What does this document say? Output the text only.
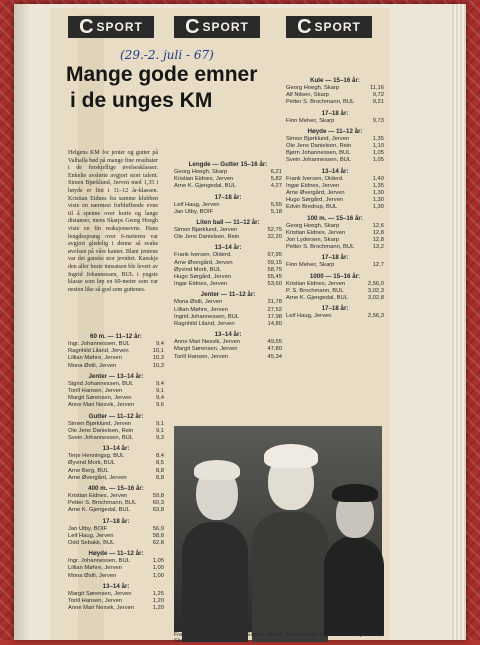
C SPORT C SPORT C SPORT
(29.-2. juli - 67)
Mange gode emner
i de unges KM
Helgens KM for jenter og gutter på Valhalla bød på mange fine resultater i de forskjellige øvelsesklasser. Enkelte avslørte avgjort stort talent. Simen Bjørklund, Jerven med 1,35 i høyde er fint i 11–12 år-klassen. Kristian Eidnes fra samme klubben viste en nærmest forbløffende evne til å spenne over korte og lange distanser, mens Skarps Georg Hoegh viste en fin reaksjonsevne. Hans lengdesprang over 6-meteren var avgjort gledelig i denne så svake øvelsen på våre kanter. Blant jentene var det ganske stor jevnhet. Kanskje den aller beste innsatsen ble levert av Ingrid Johannessen, BUL i yngste klasse som løp en 60-meter som var nesten like så god som guttenes.
60 m. — 11–12 år:
Ingr. Johannessen, BUL	9,4
Ragnhild Liland, Jerven	10,1
Lillian Møhre, Jerven	10,3
Mona Østli, Jerven	10,3
Jenter — 13–14 år:
Sigrid Johannessen, BUL	9,4
Torill Hansen, Jerven	9,1
Margit Sørensen, Jerven	9,4
Anne Mari Nesvik, Jerven	9,6
Gutter — 11–12 år:
Simen Bjørklund, Jerven	9,1
Ole Jens Danielsen, Rein	9,1
Svein Johannessen, BUL	9,3
13–14 år:
Terje Henningsg, BUL	8,4
Øyvind Mork, BUL	8,5
Arne Berg, BUL	8,8
Arne Øvergård, Jerven	8,8
400 m. — 15–16 år:
Kristian Eidnes, Jerven	59,8
Petter S. Brochmann, BUL	60,3
Arne K. Gjengedal, BUL	63,8
17–18 år:
Jan Utby, BOIF	56,9
Leif Haug, Jerven	58,8
Odd Sebakk, BUL	62,8
Høyde — 11–12 år:
Ingr. Johannessen, BUL	1,05
Lillian Møhre, Jerven	1,00
Mona Østli, Jerven	1,00
13–14 år:
Margit Sørensen, Jerven	1,25
Torill Hansen, Jerven	1,20
Anne Mari Nesvik, Jerven	1,20
Lengde — Gutter 15–16 år:
Georg Hoegh, Skarp	6,21
Kristian Eidnes, Jerven	5,82
Arne K. Gjengedal, BUL	4,27
17–18 år:
Leif Haug, Jerven	5,65
Jan Utby, BOIF	5,18
Liten ball — 11–12 år:
Simon Bjørklund, Jerven	52,75
Ole Jens Danielsen, Rein	32,20
13–14 år:
Frank Iversen, Olderd.	67,95
Arne Øvergård, Jerven	59,15
Øyvind Mork, BUL	58,75
Hugo Sørgård, Jerven	55,45
Ingar Eidnes, Jerven	53,60
Jenter — 11–12 år:
Mona Østli, Jerven	31,78
Lillian Møhre, Jerven	27,52
Ingrid Johannessen, BUL	17,98
Ragnhild Liland, Jerven	14,80
13–14 år:
Anne Mari Nesvik, Jerven	49,55
Margit Sørensen, Jerven	47,80
Torill Hansen, Jerven	45,34
Kule — 15–16 år:
Georg Hoegh, Skarp	11,16
Alf Nilsen, Skarp	9,72
Petter S. Brochmann, BUL	9,21
17–18 år:
Finn Melver, Skarp	9,73
Høyde — 11–12 år:
Simon Bjørklund, Jerven	1,35
Ole Jens Danielsen, Rein	1,10
Bjørn Johannessen, BUL	1,05
Svein Johannessen, BUL	1,05
13–14 år:
Frank Iversen, Olderd.	1,40
Ingar Eidnes, Jerven	1,35
Arne Øvergård, Jerven	1,30
Hugo Sørgård, Jerven	1,30
Edvin Bredrup, BUL	1,30
100 m. — 15–16 år:
Georg Hoegh, Skarp	12,6
Kristian Eidnes, Jerven	12,8
Jon Lydersen, Skarp	12,8
Petter S. Brochmann, BUL	13,2
17–18 år:
Finn Melver, Skarp	12,7
1000 — 15–16 år:
Kristian Eidnes, Jerven	2,56,0
P. S. Brochmann, BUL	3,02,3
Arne K. Gjengedal, BUL	3,02,8
17–18 år:
Leif Haug, Jerven	2,56,3
Fra premieutdelingen i 100 m. Eidnes, Jerven, Georg Hoegh og Kristian Jon Lydersen, Skarp.
